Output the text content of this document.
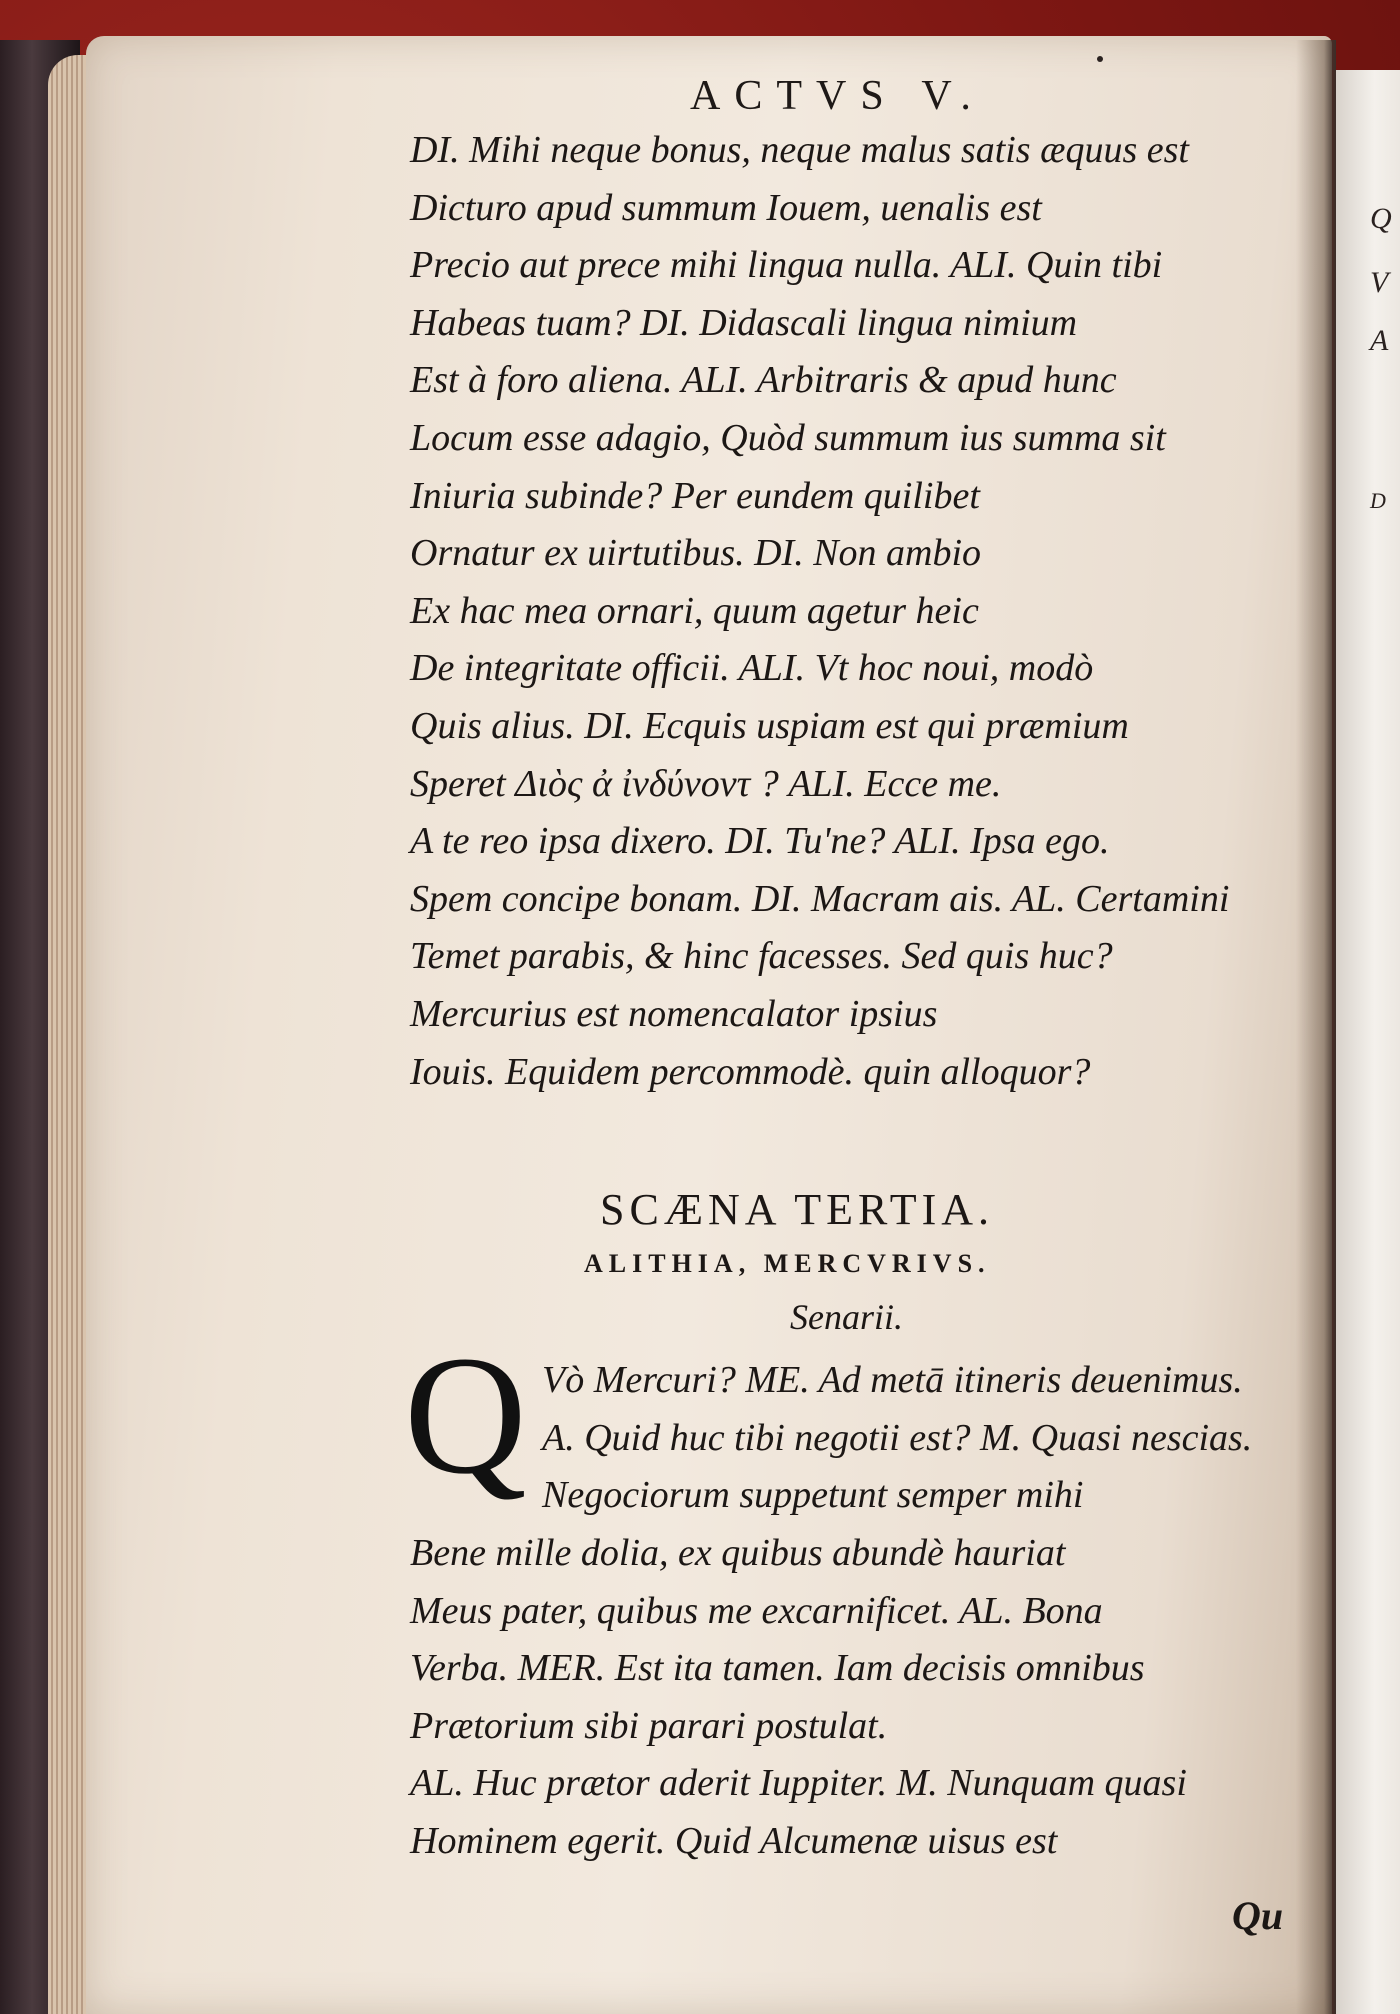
Q
V
A
D
ACTVS V.
DI. Mihi neque bonus, neque malus satis æquus est
Dicturo apud summum Iouem, uenalis est
Precio aut prece mihi lingua nulla. ALI. Quin tibi
Habeas tuam? DI. Didascali lingua nimium
Est à foro aliena. ALI. Arbitraris & apud hunc
Locum esse adagio, Quòd summum ius summa sit
Iniuria subinde? Per eundem quilibet
Ornatur ex uirtutibus. DI. Non ambio
Ex hac mea ornari, quum agetur heic
De integritate officii. ALI. Vt hoc noui, modò
Quis alius. DI. Ecquis uspiam est qui præmium
Speret Διὸς ἀ ἰνδύνοντ ? ALI. Ecce me.
A te reo ipsa dixero. DI. Tu'ne? ALI. Ipsa ego.
Spem concipe bonam. DI. Macram ais. AL. Certamini
Temet parabis, & hinc facesses. Sed quis huc?
Mercurius est nomencalator ipsius
Iouis. Equidem percommodè. quin alloquor?
SCÆNA TERTIA.
ALITHIA, MERCVRIVS.
Senarii.
Q Vò Mercuri? ME. Ad metā itineris deuenimus.
A. Quid huc tibi negotii est? M. Quasi nescias.
Negociorum suppetunt semper mihi
Bene mille dolia, ex quibus abundè hauriat
Meus pater, quibus me excarnificet. AL. Bona
Verba. MER. Est ita tamen. Iam decisis omnibus
Prætorium sibi parari postulat.
AL. Huc prætor aderit Iuppiter. M. Nunquam quasi
Hominem egerit. Quid Alcumenæ uisus est
Qu
